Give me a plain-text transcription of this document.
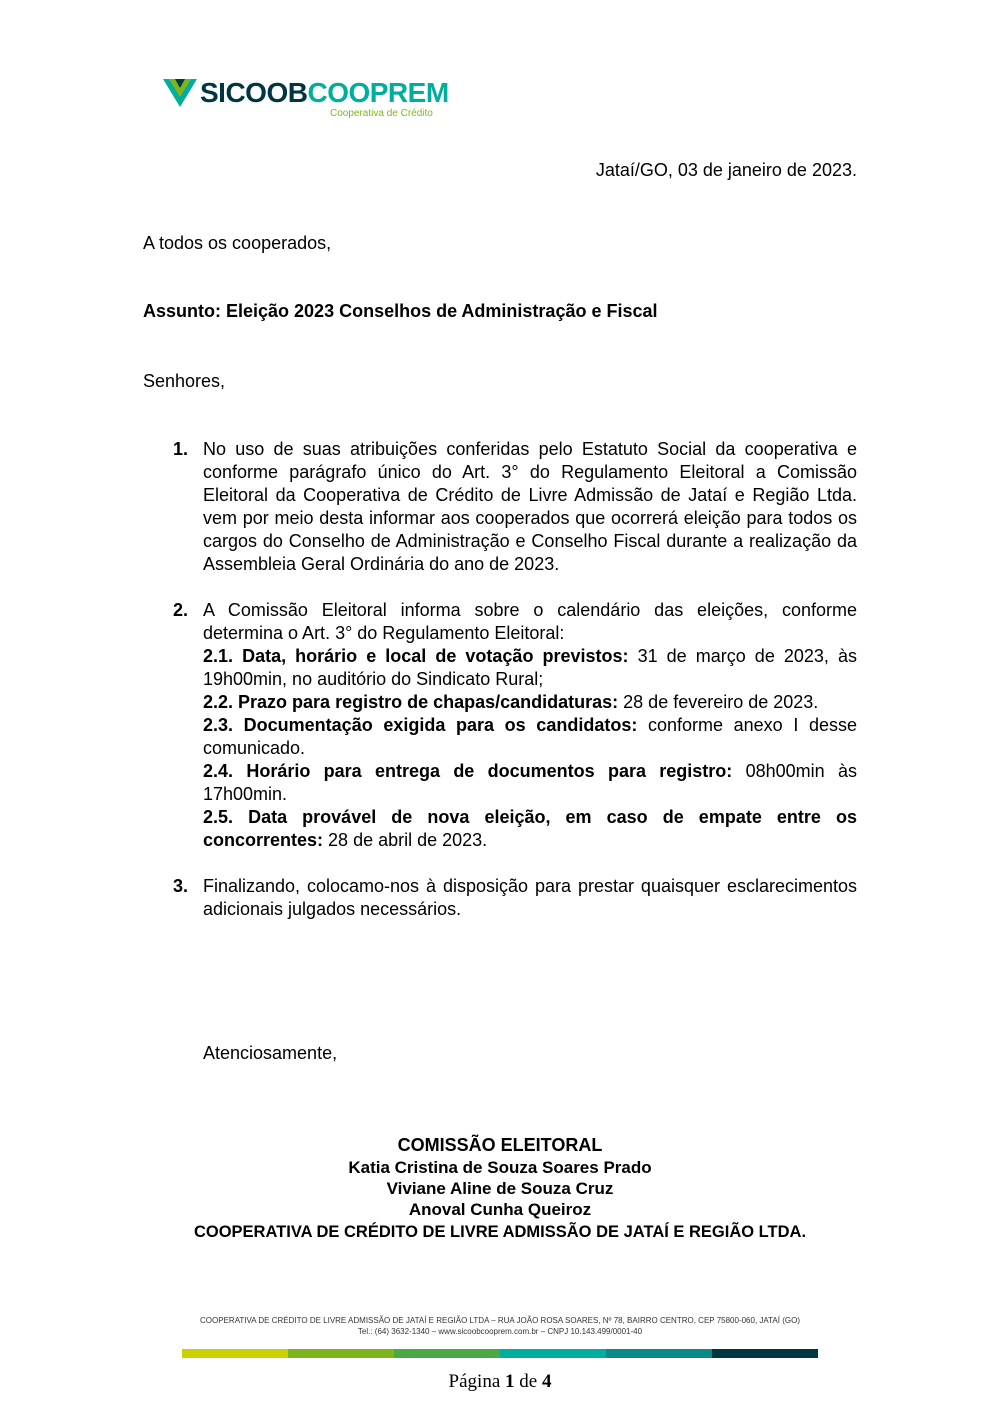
SICOOBCOOPREM
Cooperativa de Crédito
Jataí/GO, 03 de janeiro de 2023.
A todos os cooperados,
Assunto: Eleição 2023 Conselhos de Administração e Fiscal
Senhores,
1. No uso de suas atribuições conferidas pelo Estatuto Social da cooperativa e conforme parágrafo único do Art. 3° do Regulamento Eleitoral a Comissão Eleitoral da Cooperativa de Crédito de Livre Admissão de Jataí e Região Ltda. vem por meio desta informar aos cooperados que ocorrerá eleição para todos os cargos do Conselho de Administração e Conselho Fiscal durante a realização da Assembleia Geral Ordinária do ano de 2023.
2. A Comissão Eleitoral informa sobre o calendário das eleições, conforme determina o Art. 3° do Regulamento Eleitoral:
2.1. Data, horário e local de votação previstos: 31 de março de 2023, às 19h00min, no auditório do Sindicato Rural;
2.2. Prazo para registro de chapas/candidaturas: 28 de fevereiro de 2023.
2.3. Documentação exigida para os candidatos: conforme anexo I desse comunicado.
2.4. Horário para entrega de documentos para registro: 08h00min às 17h00min.
2.5. Data provável de nova eleição, em caso de empate entre os concorrentes: 28 de abril de 2023.
3. Finalizando, colocamo-nos à disposição para prestar quaisquer esclarecimentos adicionais julgados necessários.
Atenciosamente,
COMISSÃO ELEITORAL
Katia Cristina de Souza Soares Prado
Viviane Aline de Souza Cruz
Anoval Cunha Queiroz
COOPERATIVA DE CRÉDITO DE LIVRE ADMISSÃO DE JATAÍ E REGIÃO LTDA.
COOPERATIVA DE CRÉDITO DE LIVRE ADMISSÃO DE JATAÍ E REGIÃO LTDA – RUA JOÃO ROSA SOARES, Nº 78, BAIRRO CENTRO, CEP 75800-060, JATAÍ (GO)
Tel.: (64) 3632-1340 – www.sicoobcooprem.com.br – CNPJ 10.143.499/0001-40
Página 1 de 4
